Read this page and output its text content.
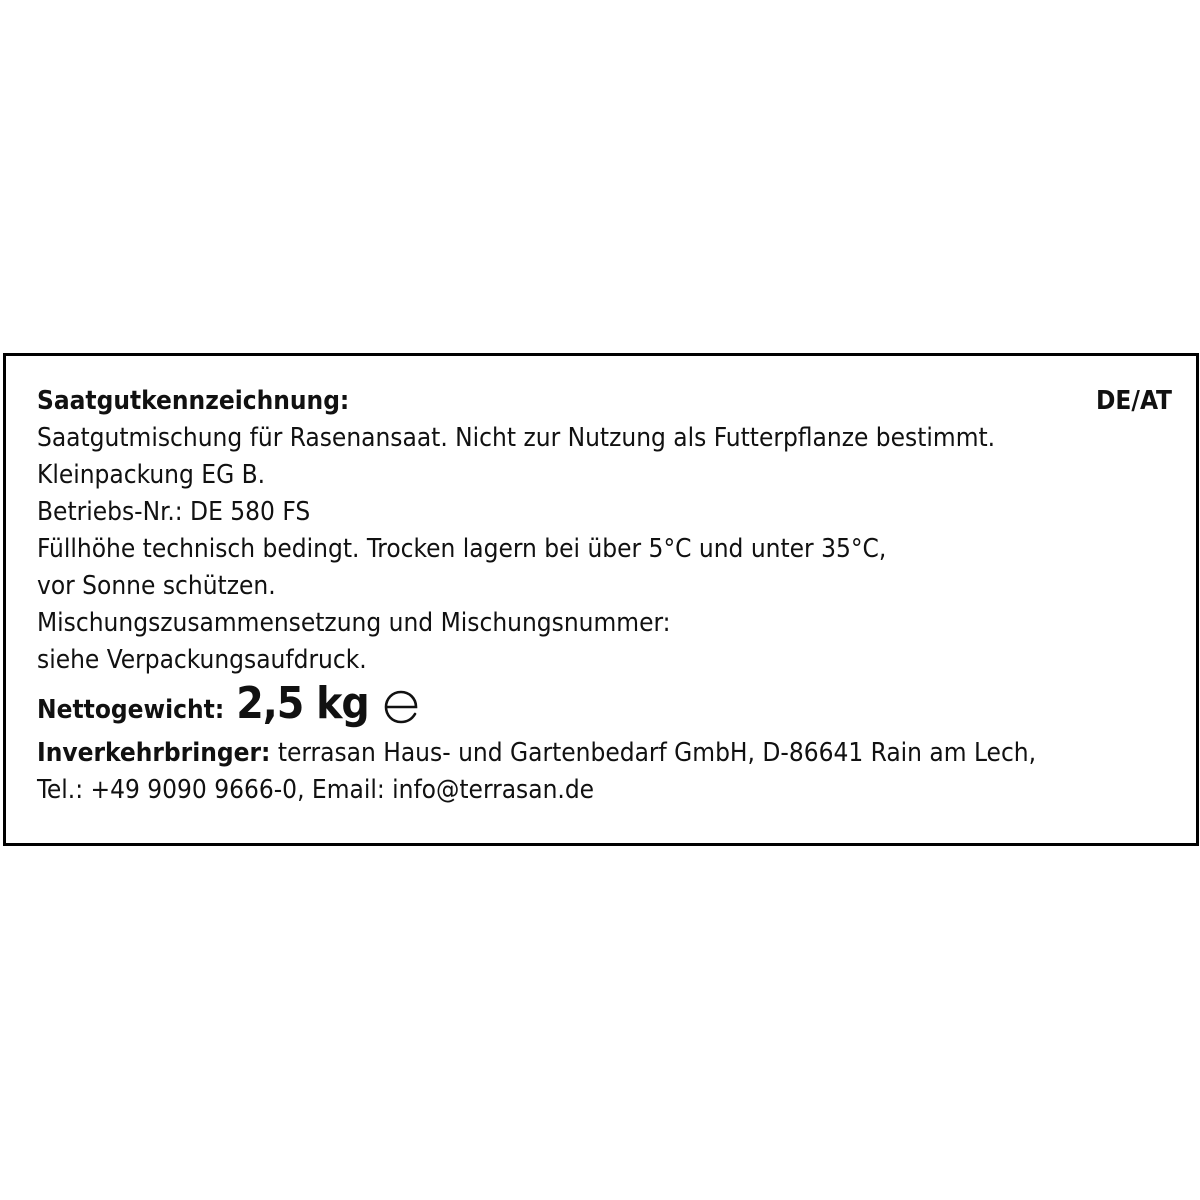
Saatgutkennzeichnung:	DE/AT
Saatgutmischung für Rasenansaat. Nicht zur Nutzung als Futterpflanze bestimmt.
Kleinpackung EG B.
Betriebs-Nr.: DE 580 FS
Füllhöhe technisch bedingt. Trocken lagern bei über 5°C und unter 35°C,
vor Sonne schützen.
Mischungszusammensetzung und Mischungsnummer:
siehe Verpackungsaufdruck.
Nettogewicht: 2,5 kg
Inverkehrbringer: terrasan Haus- und Gartenbedarf GmbH, D-86641 Rain am Lech,
Tel.: +49 9090 9666-0, Email: info@terrasan.de
